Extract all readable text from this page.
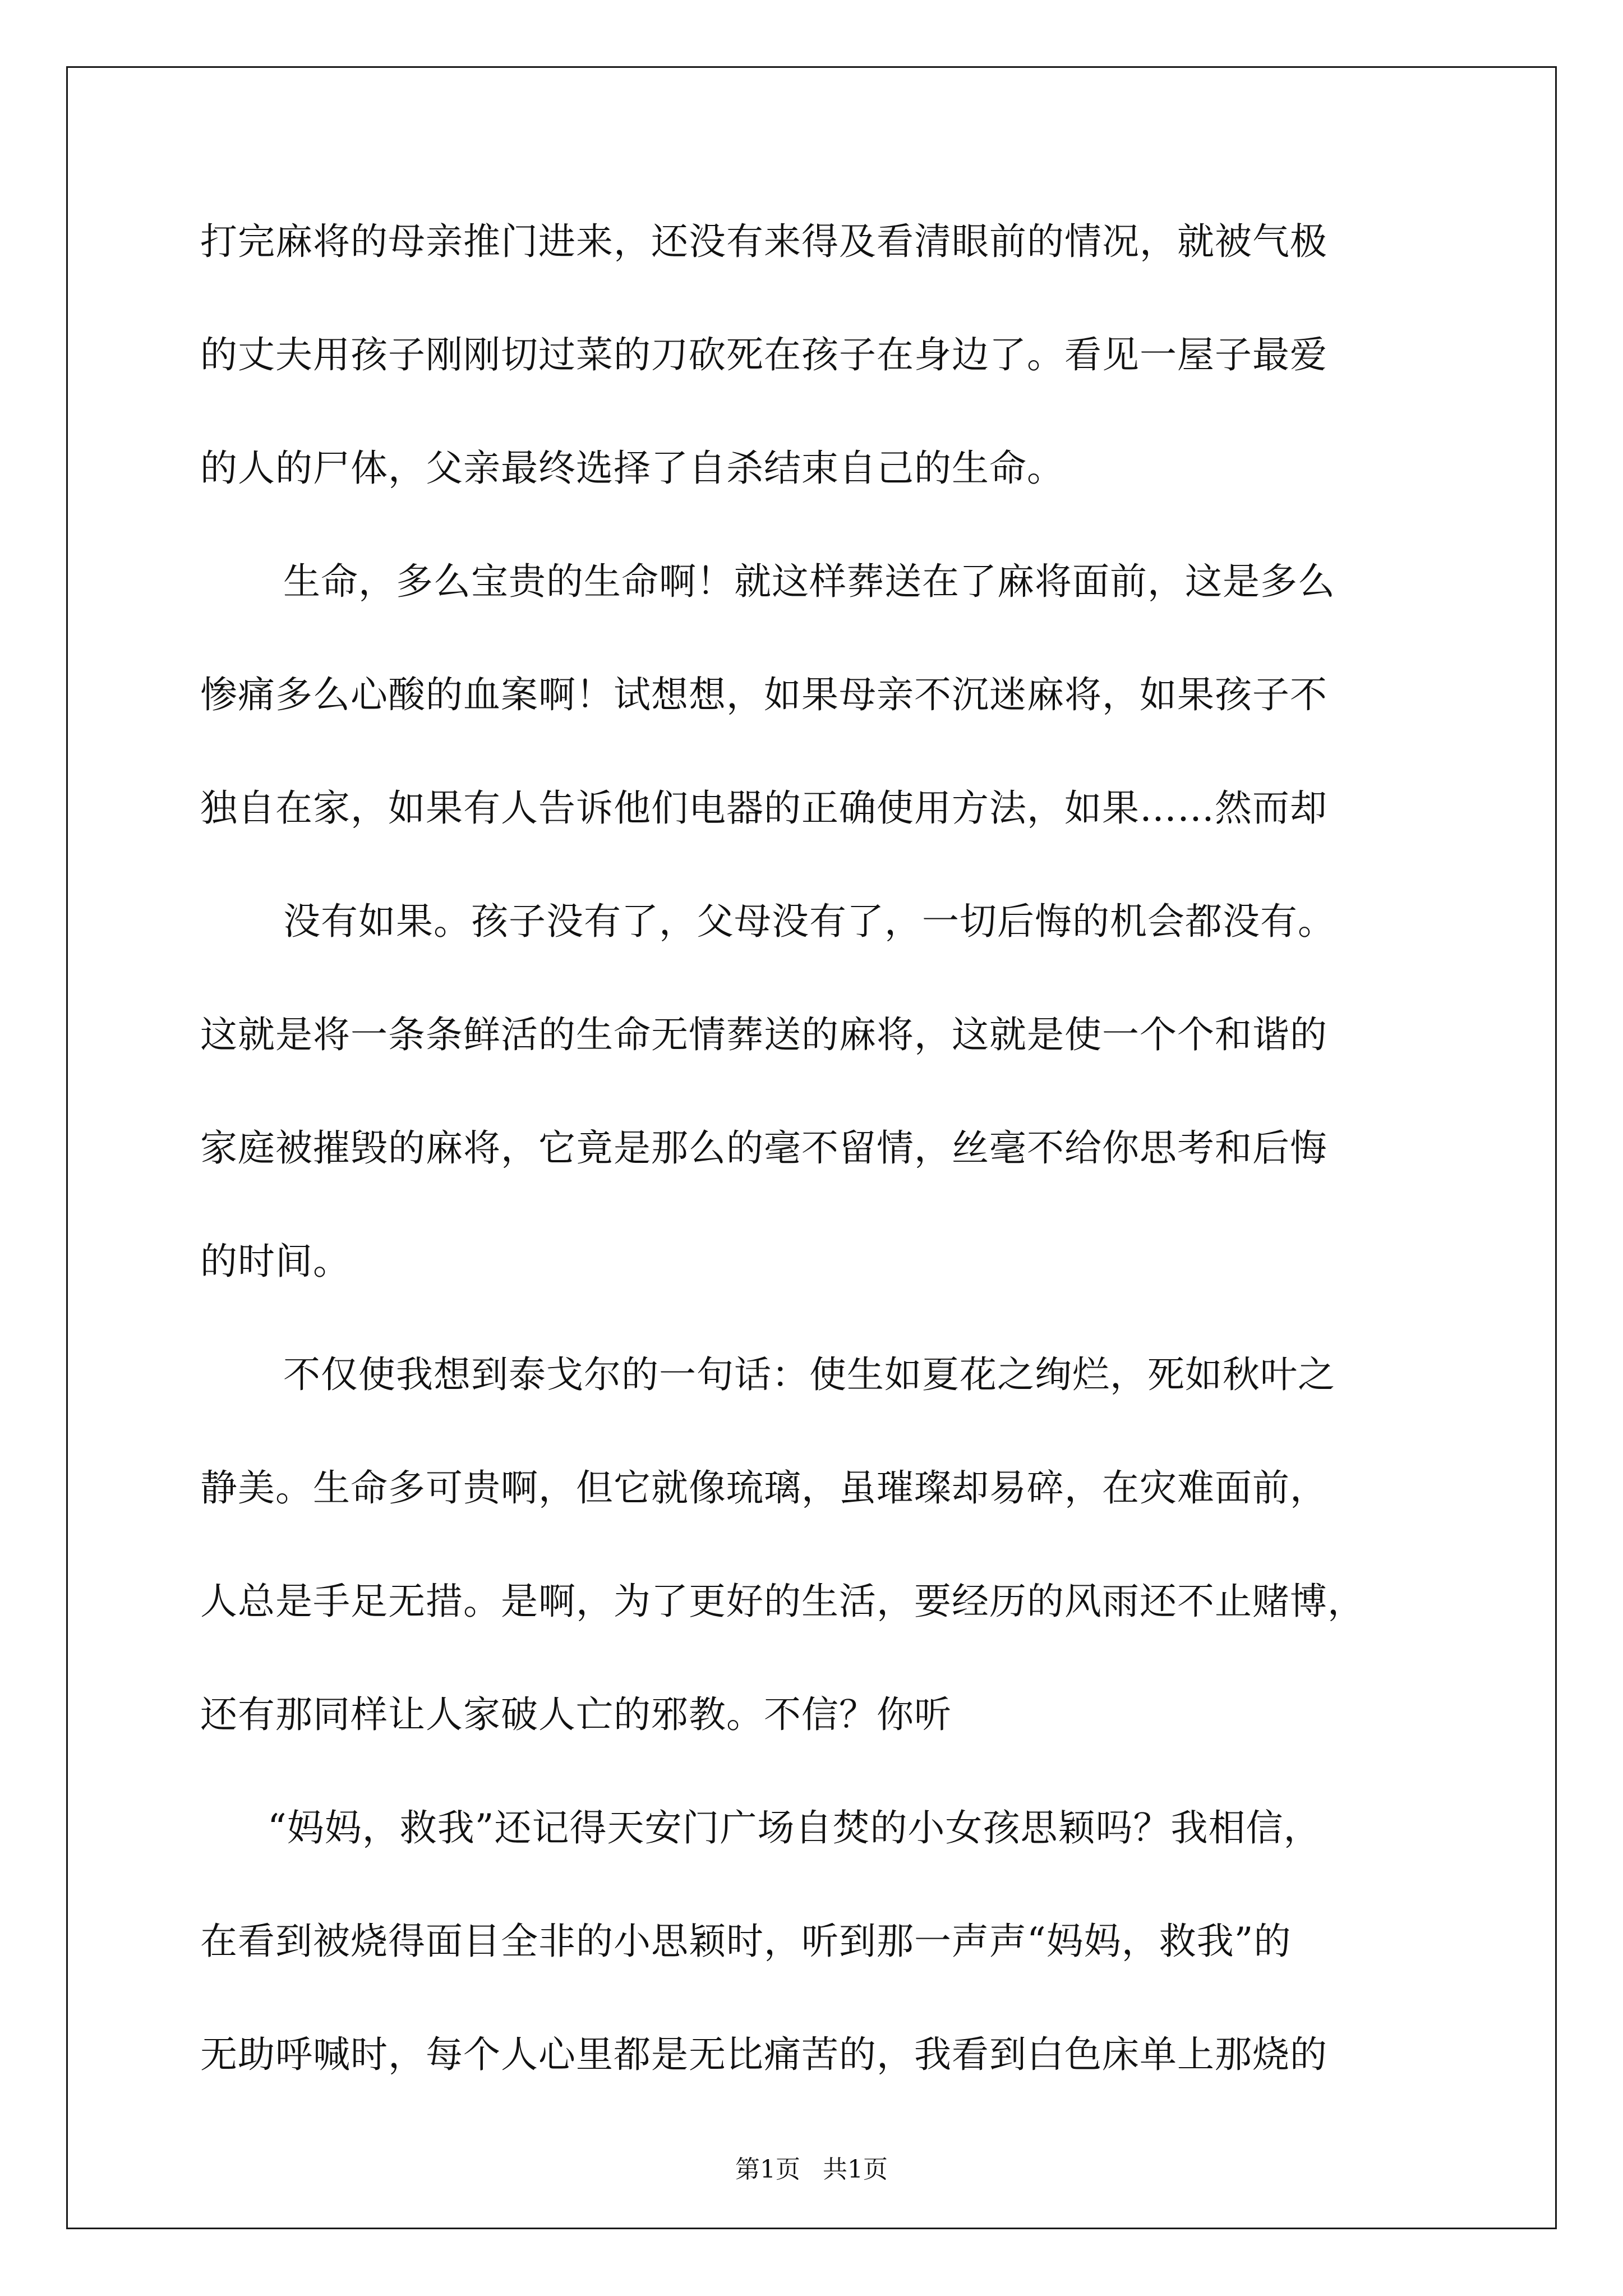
打完麻将的母亲推门进来，还没有来得及看清眼前的情况，就被气极
的丈夫用孩子刚刚切过菜的刀砍死在孩子在身边了。看见一屋子最爱
的人的尸体，父亲最终选择了自杀结束自己的生命。
生命，多么宝贵的生命啊！就这样葬送在了麻将面前，这是多么
惨痛多么心酸的血案啊！试想想，如果母亲不沉迷麻将，如果孩子不
独自在家，如果有人告诉他们电器的正确使用方法，如果……然而却
没有如果。孩子没有了，父母没有了，一切后悔的机会都没有。
这就是将一条条鲜活的生命无情葬送的麻将，这就是使一个个和谐的
家庭被摧毁的麻将，它竟是那么的毫不留情，丝毫不给你思考和后悔
的时间。
不仅使我想到泰戈尔的一句话：使生如夏花之绚烂，死如秋叶之
静美。生命多可贵啊，但它就像琉璃，虽璀璨却易碎，在灾难面前，
人总是手足无措。是啊，为了更好的生活，要经历的风雨还不止赌博，
还有那同样让人家破人亡的邪教。不信？你听
“妈妈，救我”还记得天安门广场自焚的小女孩思颖吗？我相信，
在看到被烧得面目全非的小思颖时，听到那一声声“妈妈，救我”的
无助呼喊时，每个人心里都是无比痛苦的，我看到白色床单上那烧的
第1页 共1页
